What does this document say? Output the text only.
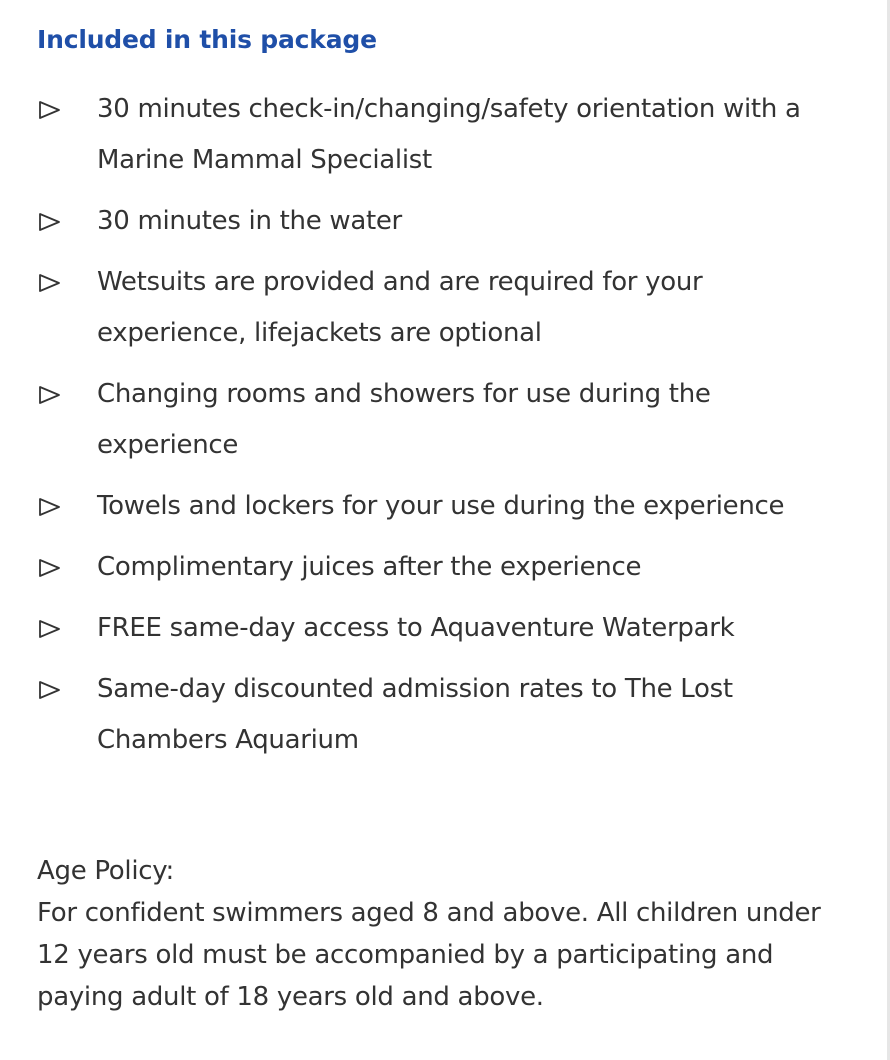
Included in this package
30 minutes check-in/changing/safety orientation with a Marine Mammal Specialist
30 minutes in the water
Wetsuits are provided and are required for your experience, lifejackets are optional
Changing rooms and showers for use during the experience
Towels and lockers for your use during the experience
Complimentary juices after the experience
FREE same-day access to Aquaventure Waterpark
Same-day discounted admission rates to The Lost Chambers Aquarium

Age Policy:

For confident swimmers aged 8 and above. All children under 12 years old must be accompanied by a participating and paying adult of 18 years old and above.
